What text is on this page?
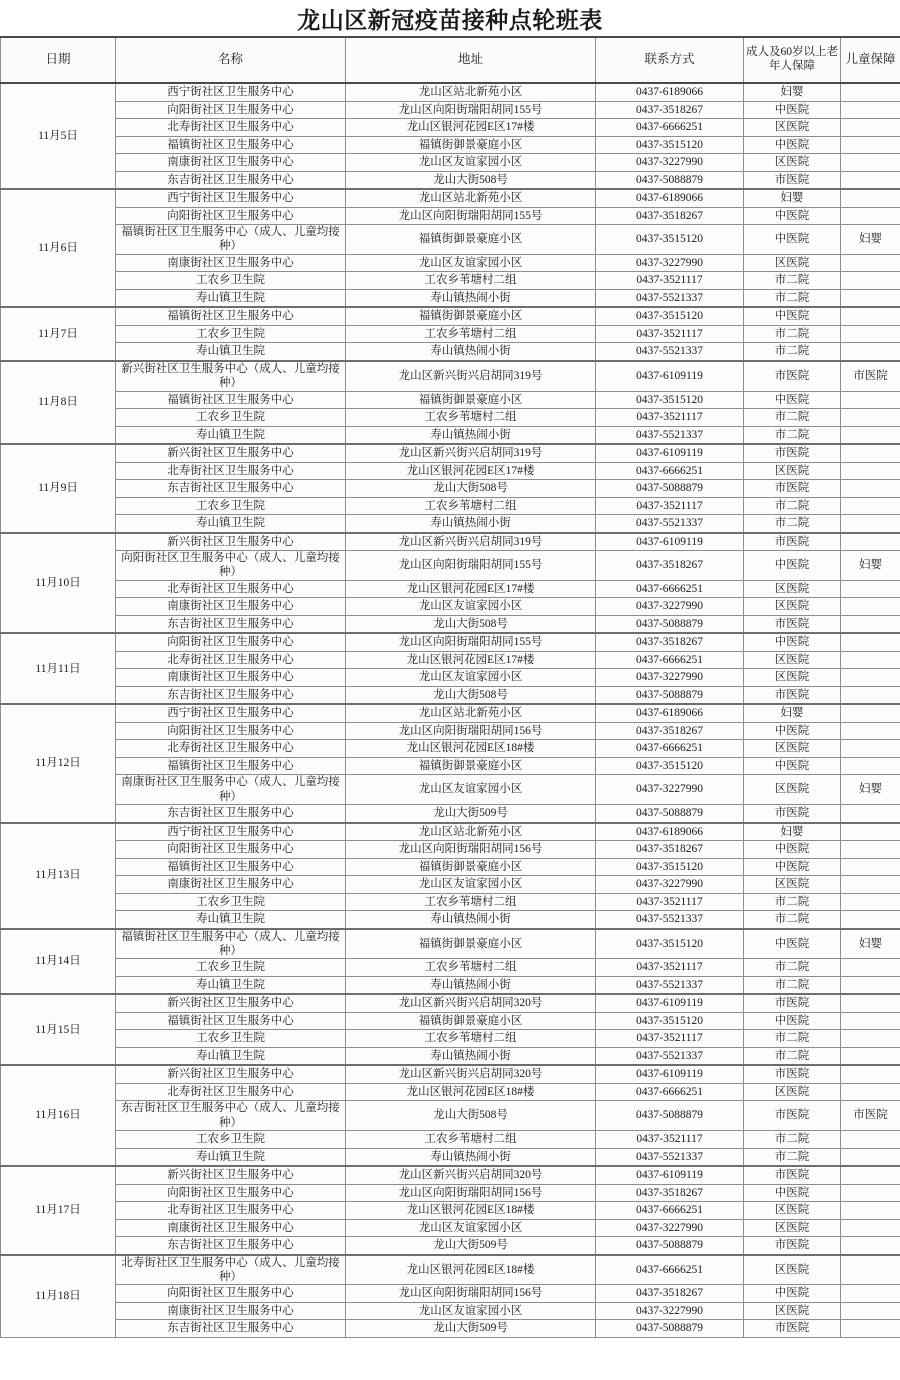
龙山区新冠疫苗接种点轮班表
日期	名称	地址	联系方式	成人及60岁以上老年人保障	儿童保障
11月5日	西宁街社区卫生服务中心	龙山区站北新苑小区	0437-6189066	妇婴	
	向阳街社区卫生服务中心	龙山区向阳街瑞阳胡同155号	0437-3518267	中医院	
	北寿街社区卫生服务中心	龙山区银河花园E区17#楼	0437-6666251	区医院	
	福镇街社区卫生服务中心	福镇街御景豪庭小区	0437-3515120	中医院	
	南康街社区卫生服务中心	龙山区友谊家园小区	0437-3227990	区医院	
	东吉街社区卫生服务中心	龙山大街508号	0437-5088879	市医院	
11月6日	西宁街社区卫生服务中心	龙山区站北新苑小区	0437-6189066	妇婴	
	向阳街社区卫生服务中心	龙山区向阳街瑞阳胡同155号	0437-3518267	中医院	
	福镇街社区卫生服务中心（成人、儿童均接种）	福镇街御景豪庭小区	0437-3515120	中医院	妇婴
	南康街社区卫生服务中心	龙山区友谊家园小区	0437-3227990	区医院	
	工农乡卫生院	工农乡苇塘村二组	0437-3521117	市二院	
	寿山镇卫生院	寿山镇热闹小街	0437-5521337	市二院	
11月7日	福镇街社区卫生服务中心	福镇街御景豪庭小区	0437-3515120	中医院	
	工农乡卫生院	工农乡苇塘村二组	0437-3521117	市二院	
	寿山镇卫生院	寿山镇热闹小街	0437-5521337	市二院	
11月8日	新兴街社区卫生服务中心（成人、儿童均接种）	龙山区新兴街兴启胡同319号	0437-6109119	市医院	市医院
	福镇街社区卫生服务中心	福镇街御景豪庭小区	0437-3515120	中医院	
	工农乡卫生院	工农乡苇塘村二组	0437-3521117	市二院	
	寿山镇卫生院	寿山镇热闹小街	0437-5521337	市二院	
11月9日	新兴街社区卫生服务中心	龙山区新兴街兴启胡同319号	0437-6109119	市医院	
	北寿街社区卫生服务中心	龙山区银河花园E区17#楼	0437-6666251	区医院	
	东吉街社区卫生服务中心	龙山大街508号	0437-5088879	市医院	
	工农乡卫生院	工农乡苇塘村二组	0437-3521117	市二院	
	寿山镇卫生院	寿山镇热闹小街	0437-5521337	市二院	
11月10日	新兴街社区卫生服务中心	龙山区新兴街兴启胡同319号	0437-6109119	市医院	
	向阳街社区卫生服务中心（成人、儿童均接种）	龙山区向阳街瑞阳胡同155号	0437-3518267	中医院	妇婴
	北寿街社区卫生服务中心	龙山区银河花园E区17#楼	0437-6666251	区医院	
	南康街社区卫生服务中心	龙山区友谊家园小区	0437-3227990	区医院	
	东吉街社区卫生服务中心	龙山大街508号	0437-5088879	市医院	
11月11日	向阳街社区卫生服务中心	龙山区向阳街瑞阳胡同155号	0437-3518267	中医院	
	北寿街社区卫生服务中心	龙山区银河花园E区17#楼	0437-6666251	区医院	
	南康街社区卫生服务中心	龙山区友谊家园小区	0437-3227990	区医院	
	东吉街社区卫生服务中心	龙山大街508号	0437-5088879	市医院	
11月12日	西宁街社区卫生服务中心	龙山区站北新苑小区	0437-6189066	妇婴	
	向阳街社区卫生服务中心	龙山区向阳街瑞阳胡同156号	0437-3518267	中医院	
	北寿街社区卫生服务中心	龙山区银河花园E区18#楼	0437-6666251	区医院	
	福镇街社区卫生服务中心	福镇街御景豪庭小区	0437-3515120	中医院	
	南康街社区卫生服务中心（成人、儿童均接种）	龙山区友谊家园小区	0437-3227990	区医院	妇婴
	东吉街社区卫生服务中心	龙山大街509号	0437-5088879	市医院	
11月13日	西宁街社区卫生服务中心	龙山区站北新苑小区	0437-6189066	妇婴	
	向阳街社区卫生服务中心	龙山区向阳街瑞阳胡同156号	0437-3518267	中医院	
	福镇街社区卫生服务中心	福镇街御景豪庭小区	0437-3515120	中医院	
	南康街社区卫生服务中心	龙山区友谊家园小区	0437-3227990	区医院	
	工农乡卫生院	工农乡苇塘村二组	0437-3521117	市二院	
	寿山镇卫生院	寿山镇热闹小街	0437-5521337	市二院	
11月14日	福镇街社区卫生服务中心（成人、儿童均接种）	福镇街御景豪庭小区	0437-3515120	中医院	妇婴
	工农乡卫生院	工农乡苇塘村二组	0437-3521117	市二院	
	寿山镇卫生院	寿山镇热闹小街	0437-5521337	市二院	
11月15日	新兴街社区卫生服务中心	龙山区新兴街兴启胡同320号	0437-6109119	市医院	
	福镇街社区卫生服务中心	福镇街御景豪庭小区	0437-3515120	中医院	
	工农乡卫生院	工农乡苇塘村二组	0437-3521117	市二院	
	寿山镇卫生院	寿山镇热闹小街	0437-5521337	市二院	
11月16日	新兴街社区卫生服务中心	龙山区新兴街兴启胡同320号	0437-6109119	市医院	
	北寿街社区卫生服务中心	龙山区银河花园E区18#楼	0437-6666251	区医院	
	东吉街社区卫生服务中心（成人、儿童均接种）	龙山大街508号	0437-5088879	市医院	市医院
	工农乡卫生院	工农乡苇塘村二组	0437-3521117	市二院	
	寿山镇卫生院	寿山镇热闹小街	0437-5521337	市二院	
11月17日	新兴街社区卫生服务中心	龙山区新兴街兴启胡同320号	0437-6109119	市医院	
	向阳街社区卫生服务中心	龙山区向阳街瑞阳胡同156号	0437-3518267	中医院	
	北寿街社区卫生服务中心	龙山区银河花园E区18#楼	0437-6666251	区医院	
	南康街社区卫生服务中心	龙山区友谊家园小区	0437-3227990	区医院	
	东吉街社区卫生服务中心	龙山大街509号	0437-5088879	市医院	
11月18日	北寿街社区卫生服务中心（成人、儿童均接种）	龙山区银河花园E区18#楼	0437-6666251	区医院	
	向阳街社区卫生服务中心	龙山区向阳街瑞阳胡同156号	0437-3518267	中医院	
	南康街社区卫生服务中心	龙山区友谊家园小区	0437-3227990	区医院	
	东吉街社区卫生服务中心	龙山大街509号	0437-5088879	市医院	
